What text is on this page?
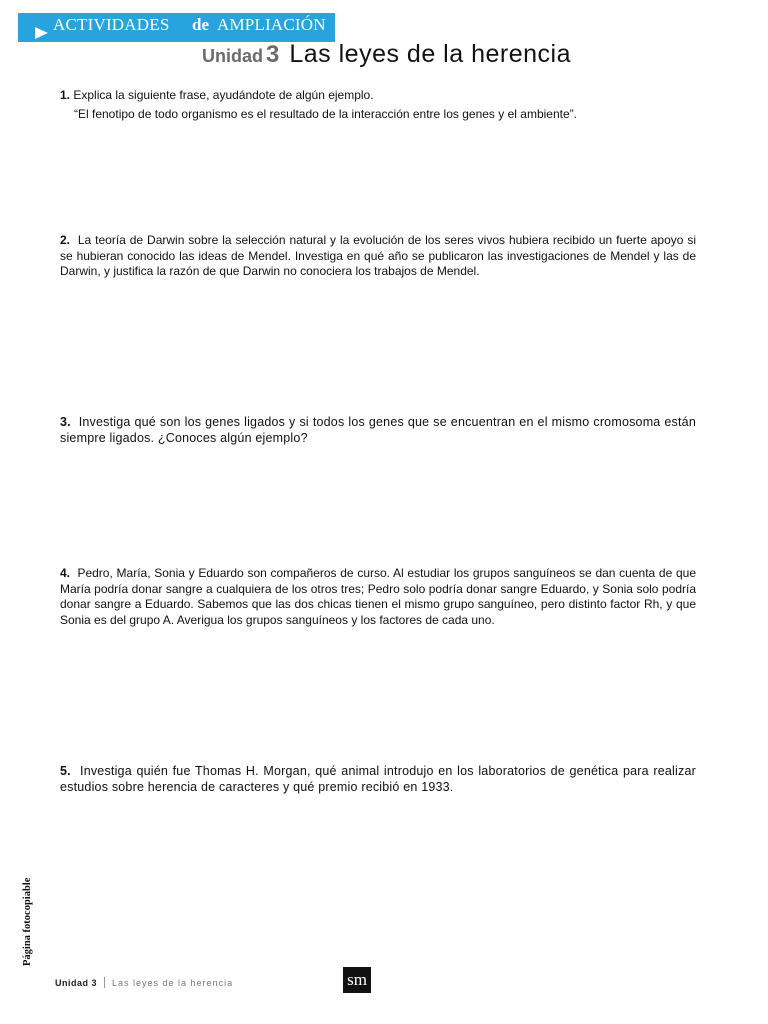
ACTIVIDADES de AMPLIACIÓN
Unidad 3 Las leyes de la herencia

1. Explica la siguiente frase, ayudándote de algún ejemplo.

“El fenotipo de todo organismo es el resultado de la interacción entre los genes y el ambiente”.

2. La teoría de Darwin sobre la selección natural y la evolución de los seres vivos hubiera recibido un fuerte apoyo si se hubieran conocido las ideas de Mendel. Investiga en qué año se publicaron las investigaciones de Mendel y las de Darwin, y justifica la razón de que Darwin no conociera los trabajos de Mendel.

3. Investiga qué son los genes ligados y si todos los genes que se encuentran en el mismo cromosoma están siempre ligados. ¿Conoces algún ejemplo?

4. Pedro, María, Sonia y Eduardo son compañeros de curso. Al estudiar los grupos sanguíneos se dan cuenta de que María podría donar sangre a cualquiera de los otros tres; Pedro solo podría donar sangre Eduardo, y Sonia solo podría donar sangre a Eduardo. Sabemos que las dos chicas tienen el mismo grupo sanguíneo, pero distinto factor Rh, y que Sonia es del grupo A. Averigua los grupos sanguíneos y los factores de cada uno.

5. Investiga quién fue Thomas H. Morgan, qué animal introdujo en los laboratorios de genética para realizar estudios sobre herencia de caracteres y qué premio recibió en 1933.

Página fotocopiable
Unidad 3 Las leyes de la herencia	sm
